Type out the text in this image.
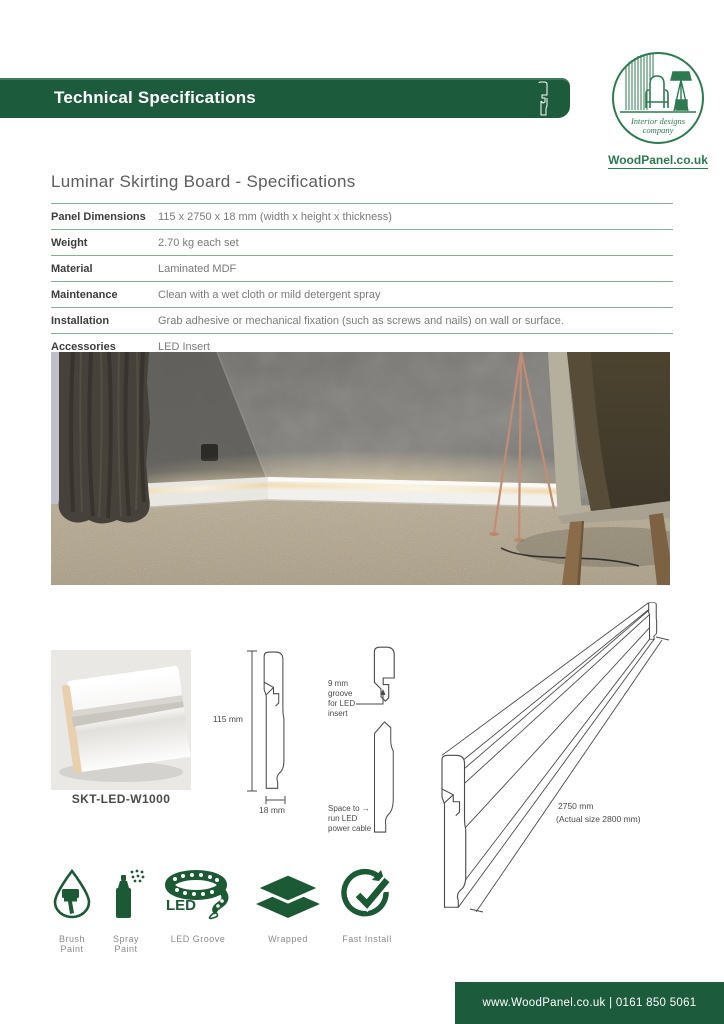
Technical Specifications
Interior designs
company
WoodPanel.co.uk
Luminar Skirting Board - Specifications
Panel Dimensions	115 x 2750 x 18 mm (width x height x thickness)
Weight	2.70 kg each set
Material	Laminated MDF
Maintenance	Clean with a wet cloth or mild detergent spray
Installation	Grab adhesive or mechanical fixation (such as screws and nails) on wall or surface.
Accessories	LED Insert
SKT-LED-W1000
115 mm
18 mm
9 mm
groove
for LED
insert
Space to →
run LED
power cable
2750 mm
(Actual size 2800 mm)
Brush Paint
Spray Paint
LED
LED Groove	Wrapped	Fast Install
www.WoodPanel.co.uk | 0161 850 5061
